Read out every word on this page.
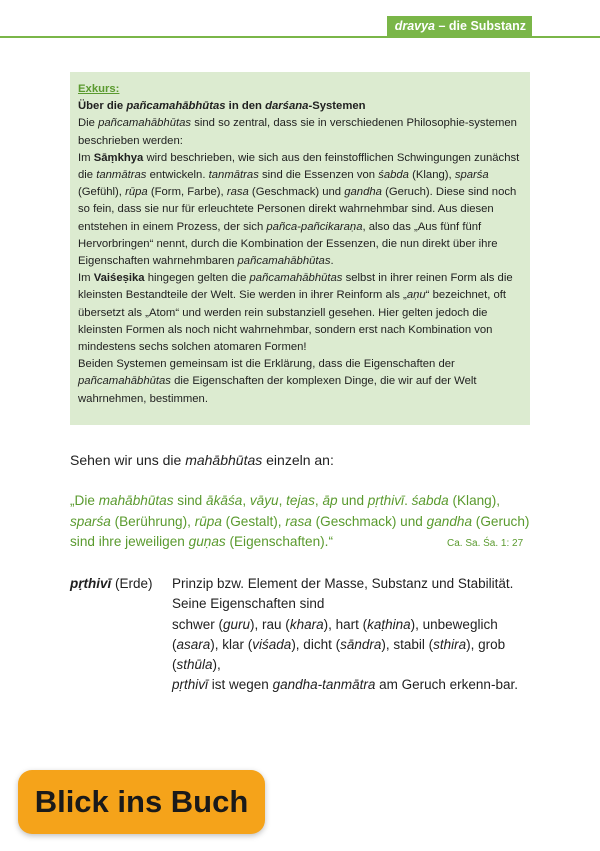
dravya – die Substanz

Exkurs:

Über die pañcamahābhūtas in den darśana-Systemen

Die pañcamahābhūtas sind so zentral, dass sie in verschiedenen Philosophie-systemen beschrieben werden:

Im Sāṃkhya wird beschrieben, wie sich aus den feinstofflichen Schwingungen zunächst die tanmātras entwickeln. tanmātras sind die Essenzen von śabda (Klang), sparśa (Gefühl), rūpa (Form, Farbe), rasa (Geschmack) und gandha (Geruch). Diese sind noch so fein, dass sie nur für erleuchtete Personen direkt wahrnehmbar sind. Aus diesen entstehen in einem Prozess, der sich pañca-pañcikaraṇa, also das „Aus fünf fünf Hervorbringen“ nennt, durch die Kombination der Essenzen, die nun direkt über ihre Eigenschaften wahrnehmbaren pañcamahābhūtas.

Im Vaiśeṣika hingegen gelten die pañcamahābhūtas selbst in ihrer reinen Form als die kleinsten Bestandteile der Welt. Sie werden in ihrer Reinform als „aṇu“ bezeichnet, oft übersetzt als „Atom“ und werden rein substanziell gesehen. Hier gelten jedoch die kleinsten Formen als noch nicht wahrnehmbar, sondern erst nach Kombination von mindestens sechs solchen atomaren Formen!

Beiden Systemen gemeinsam ist die Erklärung, dass die Eigenschaften der pañcamahābhūtas die Eigenschaften der komplexen Dinge, die wir auf der Welt wahrnehmen, bestimmen.

Sehen wir uns die mahābhūtas einzeln an:

„Die mahābhūtas sind ākāśa, vāyu, tejas, āp und pṛthivī. śabda (Klang), sparśa (Berührung), rūpa (Gestalt), rasa (Geschmack) und gandha (Geruch) sind ihre jeweiligen guṇas (Eigenschaften).“	Ca. Sa. Śa. 1: 27
pṛthivī (Erde) Prinzip bzw. Element der Masse, Substanz und Stabilität. Seine Eigenschaften sind

schwer (guru), rau (khara), hart (kaṭhina), unbeweglich (asara), klar (viśada), dicht (sāndra), stabil (sthira), grob (sthūla),

pṛthivī ist wegen gandha-tanmātra am Geruch erkenn-bar.

Blick ins Buch
